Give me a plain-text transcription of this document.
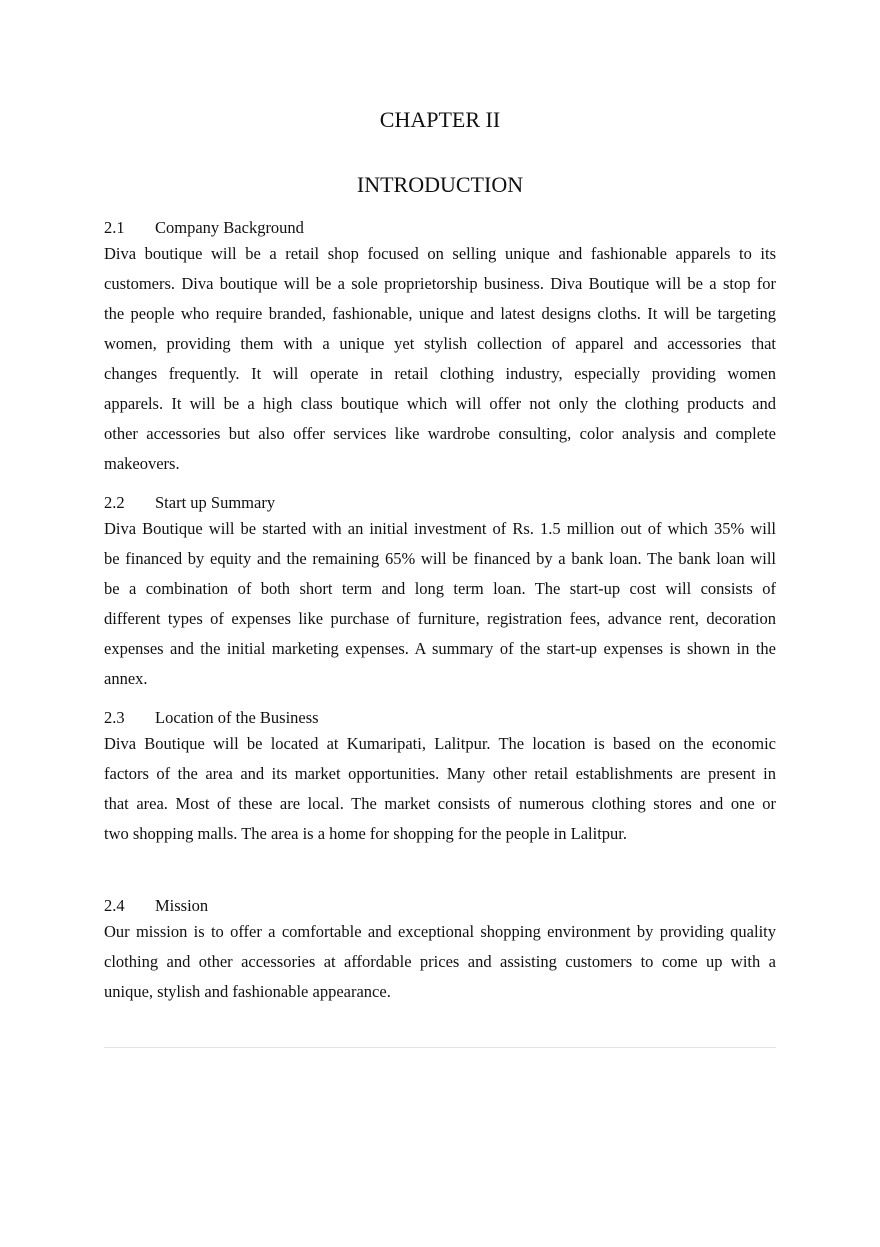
CHAPTER II
INTRODUCTION
2.1 Company Background
Diva boutique will be a retail shop focused on selling unique and fashionable apparels to its
customers. Diva boutique will be a sole proprietorship business. Diva Boutique will be a stop for
the people who require branded, fashionable, unique and latest designs cloths. It will be targeting
women, providing them with a unique yet stylish collection of apparel and accessories that
changes frequently. It will operate in retail clothing industry, especially providing women
apparels. It will be a high class boutique which will offer not only the clothing products and
other accessories but also offer services like wardrobe consulting, color analysis and complete
makeovers.
2.2 Start up Summary
Diva Boutique will be started with an initial investment of Rs. 1.5 million out of which 35% will
be financed by equity and the remaining 65% will be financed by a bank loan. The bank loan will
be a combination of both short term and long term loan. The start-up cost will consists of
different types of expenses like purchase of furniture, registration fees, advance rent, decoration
expenses and the initial marketing expenses. A summary of the start-up expenses is shown in the
annex.
2.3 Location of the Business
Diva Boutique will be located at Kumaripati, Lalitpur. The location is based on the economic
factors of the area and its market opportunities. Many other retail establishments are present in
that area. Most of these are local. The market consists of numerous clothing stores and one or
two shopping malls. The area is a home for shopping for the people in Lalitpur.
2.4 Mission
Our mission is to offer a comfortable and exceptional shopping environment by providing quality
clothing and other accessories at affordable prices and assisting customers to come up with a
unique, stylish and fashionable appearance.
